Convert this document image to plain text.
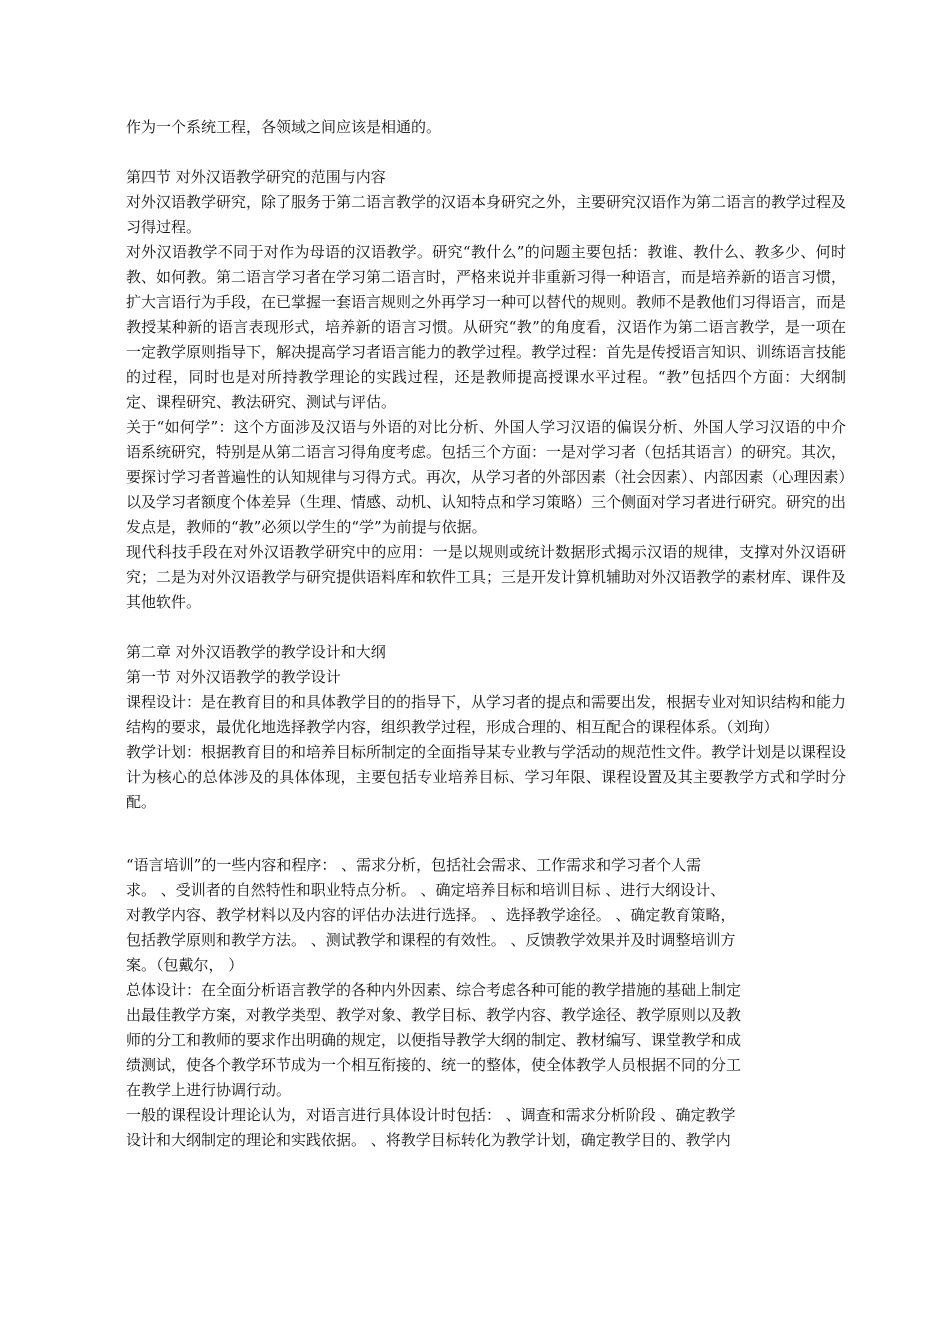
作为一个系统工程，各领域之间应该是相通的。

第四节 对外汉语教学研究的范围与内容

对外汉语教学研究，除了服务于第二语言教学的汉语本身研究之外，主要研究汉语作为第二语言的教学过程及习得过程。

对外汉语教学不同于对作为母语的汉语教学。研究“教什么”的问题主要包括：教谁、教什么、教多少、何时教、如何教。第二语言学习者在学习第二语言时，严格来说并非重新习得一种语言，而是培养新的语言习惯，扩大言语行为手段，在已掌握一套语言规则之外再学习一种可以替代的规则。教师不是教他们习得语言，而是教授某种新的语言表现形式，培养新的语言习惯。从研究“教”的角度看，汉语作为第二语言教学，是一项在一定教学原则指导下，解决提高学习者语言能力的教学过程。教学过程：首先是传授语言知识、训练语言技能的过程，同时也是对所持教学理论的实践过程，还是教师提高授课水平过程。“教”包括四个方面：大纲制定、课程研究、教法研究、测试与评估。

关于“如何学”：这个方面涉及汉语与外语的对比分析、外国人学习汉语的偏误分析、外国人学习汉语的中介语系统研究，特别是从第二语言习得角度考虑。包括三个方面：一是对学习者（包括其语言）的研究。其次，要探讨学习者普遍性的认知规律与习得方式。再次，从学习者的外部因素（社会因素）、内部因素（心理因素）以及学习者额度个体差异（生理、情感、动机、认知特点和学习策略）三个侧面对学习者进行研究。研究的出发点是，教师的“教”必须以学生的“学”为前提与依据。

现代科技手段在对外汉语教学研究中的应用：一是以规则或统计数据形式揭示汉语的规律，支撑对外汉语研究；二是为对外汉语教学与研究提供语料库和软件工具；三是开发计算机辅助对外汉语教学的素材库、课件及其他软件。

第二章 对外汉语教学的教学设计和大纲

第一节 对外汉语教学的教学设计

课程设计：是在教育目的和具体教学目的的指导下，从学习者的提点和需要出发，根据专业对知识结构和能力结构的要求，最优化地选择教学内容，组织教学过程，形成合理的、相互配合的课程体系。（刘珣）

教学计划：根据教育目的和培养目标所制定的全面指导某专业教与学活动的规范性文件。教学计划是以课程设计为核心的总体涉及的具体体现，主要包括专业培养目标、学习年限、课程设置及其主要教学方式和学时分配。

“语言培训”的一些内容和程序： 、需求分析，包括社会需求、工作需求和学习者个人需

求。 、受训者的自然特性和职业特点分析。 、确定培养目标和培训目标 、进行大纲设计、

对教学内容、教学材料以及内容的评估办法进行选择。 、选择教学途径。 、确定教育策略，

包括教学原则和教学方法。 、测试教学和课程的有效性。 、反馈教学效果并及时调整培训方

案。（包戴尔， ）

总体设计：在全面分析语言教学的各种内外因素、综合考虑各种可能的教学措施的基础上制定

出最佳教学方案，对教学类型、教学对象、教学目标、教学内容、教学途径、教学原则以及教

师的分工和教师的要求作出明确的规定，以便指导教学大纲的制定、教材编写、课堂教学和成

绩测试，使各个教学环节成为一个相互衔接的、统一的整体，使全体教学人员根据不同的分工

在教学上进行协调行动。

一般的课程设计理论认为，对语言进行具体设计时包括： 、调查和需求分析阶段 、确定教学

设计和大纲制定的理论和实践依据。 、将教学目标转化为教学计划，确定教学目的、教学内
